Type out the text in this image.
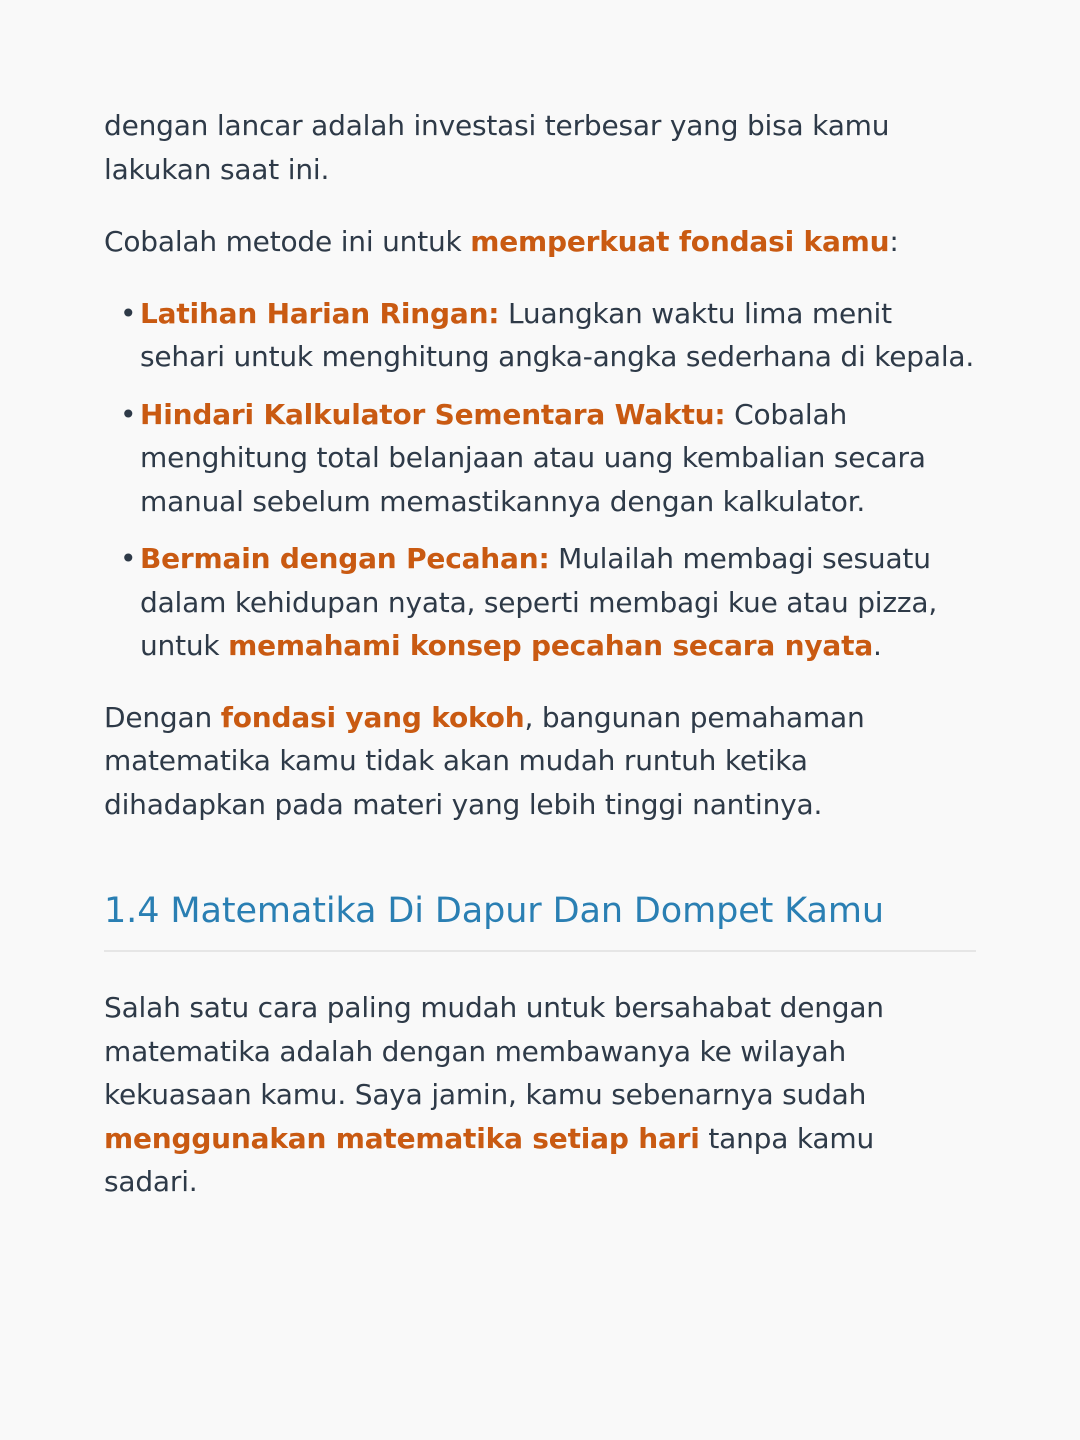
dengan lancar adalah investasi terbesar yang bisa kamu lakukan saat ini.

Cobalah metode ini untuk memperkuat fondasi kamu:

• Latihan Harian Ringan: Luangkan waktu lima menit sehari untuk menghitung angka-angka sederhana di kepala.
• Hindari Kalkulator Sementara Waktu: Cobalah menghitung total belanjaan atau uang kembalian secara manual sebelum memastikannya dengan kalkulator.
• Bermain dengan Pecahan: Mulailah membagi sesuatu dalam kehidupan nyata, seperti membagi kue atau pizza, untuk memahami konsep pecahan secara nyata.

Dengan fondasi yang kokoh, bangunan pemahaman matematika kamu tidak akan mudah runtuh ketika dihadapkan pada materi yang lebih tinggi nantinya.

1.4 Matematika Di Dapur Dan Dompet Kamu

Salah satu cara paling mudah untuk bersahabat dengan matematika adalah dengan membawanya ke wilayah kekuasaan kamu. Saya jamin, kamu sebenarnya sudah menggunakan matematika setiap hari tanpa kamu sadari.
